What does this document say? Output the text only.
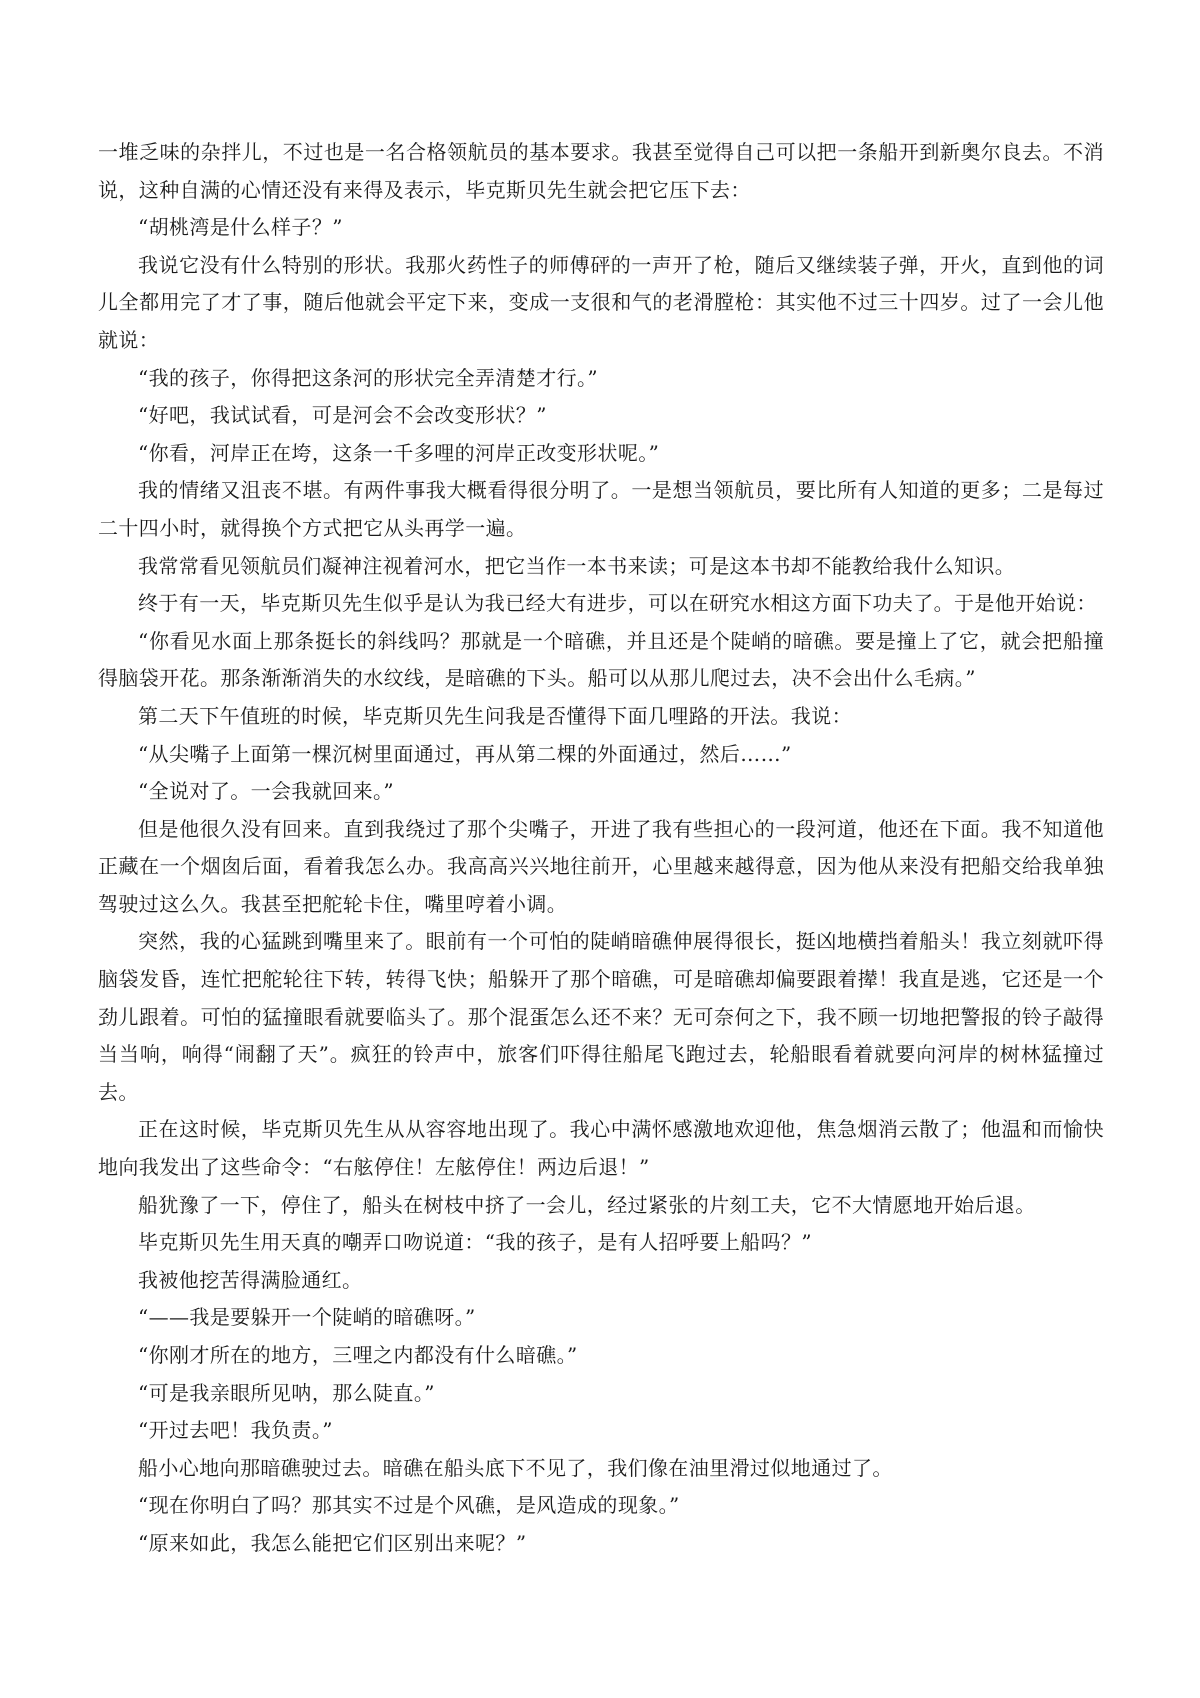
一堆乏味的杂拌儿，不过也是一名合格领航员的基本要求。我甚至觉得自己可以把一条船开到新奥尔良去。不消说，这种自满的心情还没有来得及表示，毕克斯贝先生就会把它压下去：

“胡桃湾是什么样子？”

我说它没有什么特别的形状。我那火药性子的师傅砰的一声开了枪，随后又继续装子弹，开火，直到他的词儿全都用完了才了事，随后他就会平定下来，变成一支很和气的老滑膛枪：其实他不过三十四岁。过了一会儿他就说：

“我的孩子，你得把这条河的形状完全弄清楚才行。”

“好吧，我试试看，可是河会不会改变形状？”

“你看，河岸正在垮，这条一千多哩的河岸正改变形状呢。”

我的情绪又沮丧不堪。有两件事我大概看得很分明了。一是想当领航员，要比所有人知道的更多；二是每过二十四小时，就得换个方式把它从头再学一遍。

我常常看见领航员们凝神注视着河水，把它当作一本书来读；可是这本书却不能教给我什么知识。

终于有一天，毕克斯贝先生似乎是认为我已经大有进步，可以在研究水相这方面下功夫了。于是他开始说：

“你看见水面上那条挺长的斜线吗？那就是一个暗礁，并且还是个陡峭的暗礁。要是撞上了它，就会把船撞得脑袋开花。那条渐渐消失的水纹线，是暗礁的下头。船可以从那儿爬过去，决不会出什么毛病。”

第二天下午值班的时候，毕克斯贝先生问我是否懂得下面几哩路的开法。我说：

“从尖嘴子上面第一棵沉树里面通过，再从第二棵的外面通过，然后……”

“全说对了。一会我就回来。”

但是他很久没有回来。直到我绕过了那个尖嘴子，开进了我有些担心的一段河道，他还在下面。我不知道他正藏在一个烟囱后面，看着我怎么办。我高高兴兴地往前开，心里越来越得意，因为他从来没有把船交给我单独驾驶过这么久。我甚至把舵轮卡住，嘴里哼着小调。

突然，我的心猛跳到嘴里来了。眼前有一个可怕的陡峭暗礁伸展得很长，挺凶地横挡着船头！我立刻就吓得脑袋发昏，连忙把舵轮往下转，转得飞快；船躲开了那个暗礁，可是暗礁却偏要跟着撵！我直是逃，它还是一个劲儿跟着。可怕的猛撞眼看就要临头了。那个混蛋怎么还不来？无可奈何之下，我不顾一切地把警报的铃子敲得当当响，响得“闹翻了天”。疯狂的铃声中，旅客们吓得往船尾飞跑过去，轮船眼看着就要向河岸的树林猛撞过去。

正在这时候，毕克斯贝先生从从容容地出现了。我心中满怀感激地欢迎他，焦急烟消云散了；他温和而愉快地向我发出了这些命令：“右舷停住！左舷停住！两边后退！”

船犹豫了一下，停住了，船头在树枝中挤了一会儿，经过紧张的片刻工夫，它不大情愿地开始后退。

毕克斯贝先生用天真的嘲弄口吻说道：“我的孩子，是有人招呼要上船吗？”

我被他挖苦得满脸通红。

“——我是要躲开一个陡峭的暗礁呀。”

“你刚才所在的地方，三哩之内都没有什么暗礁。”

“可是我亲眼所见呐，那么陡直。”

“开过去吧！我负责。”

船小心地向那暗礁驶过去。暗礁在船头底下不见了，我们像在油里滑过似地通过了。

“现在你明白了吗？那其实不过是个风礁，是风造成的现象。”

“原来如此，我怎么能把它们区别出来呢？”
